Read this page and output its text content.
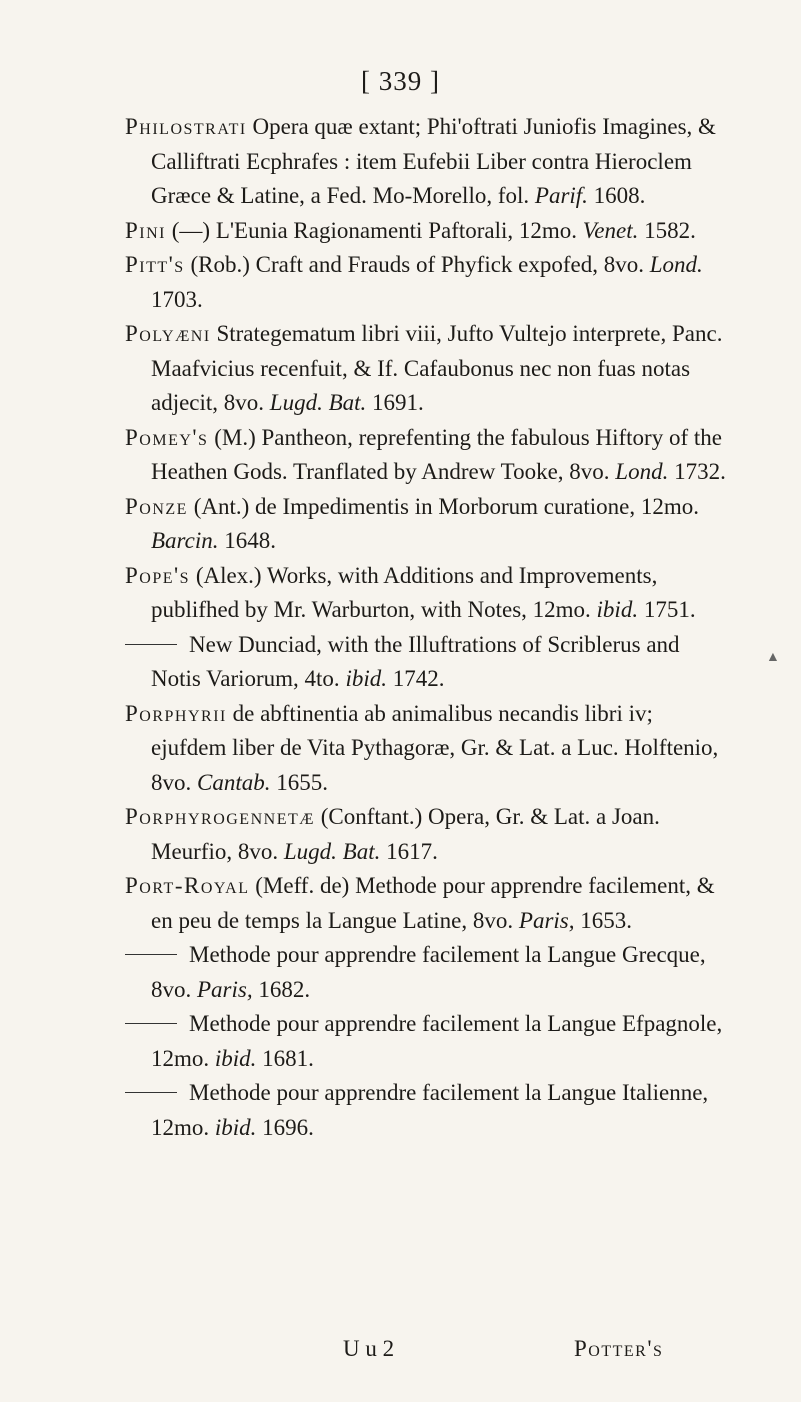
[ 339 ]

Philostrati Opera quæ extant; Phi'oftrati Juniofis Imagines, & Calliftrati Ecphrafes : item Eufebii Liber contra Hieroclem Græce & Latine, a Fed. Mo-Morello, fol. Parif. 1608.

Pini (—) L'Eunia Ragionamenti Paftorali, 12mo. Venet. 1582.

Pitt's (Rob.) Craft and Frauds of Phyfick expofed, 8vo. Lond. 1703.

Polyæni Strategematum libri viii, Jufto Vultejo interprete, Panc. Maafvicius recenfuit, & If. Cafaubonus nec non fuas notas adjecit, 8vo. Lugd. Bat. 1691.

Pomey's (M.) Pantheon, reprefenting the fabulous Hiftory of the Heathen Gods. Tranflated by Andrew Tooke, 8vo. Lond. 1732.

Ponze (Ant.) de Impedimentis in Morborum curatione, 12mo. Barcin. 1648.

Pope's (Alex.) Works, with Additions and Improvements, publifhed by Mr. Warburton, with Notes, 12mo. ibid. 1751.

New Dunciad, with the Illuftrations of Scriblerus and Notis Variorum, 4to. ibid. 1742.

Porphyrii de abftinentia ab animalibus necandis libri iv; ejufdem liber de Vita Pythagoræ, Gr. & Lat. a Luc. Holftenio, 8vo. Cantab. 1655.

Porphyrogennetæ (Conftant.) Opera, Gr. & Lat. a Joan. Meurfio, 8vo. Lugd. Bat. 1617.

Port-Royal (Meff. de) Methode pour apprendre facilement, & en peu de temps la Langue Latine, 8vo. Paris, 1653.

Methode pour apprendre facilement la Langue Grecque, 8vo. Paris, 1682.

Methode pour apprendre facilement la Langue Efpagnole, 12mo. ibid. 1681.

Methode pour apprendre facilement la Langue Italienne, 12mo. ibid. 1696.

▲
U u 2	Potter's
